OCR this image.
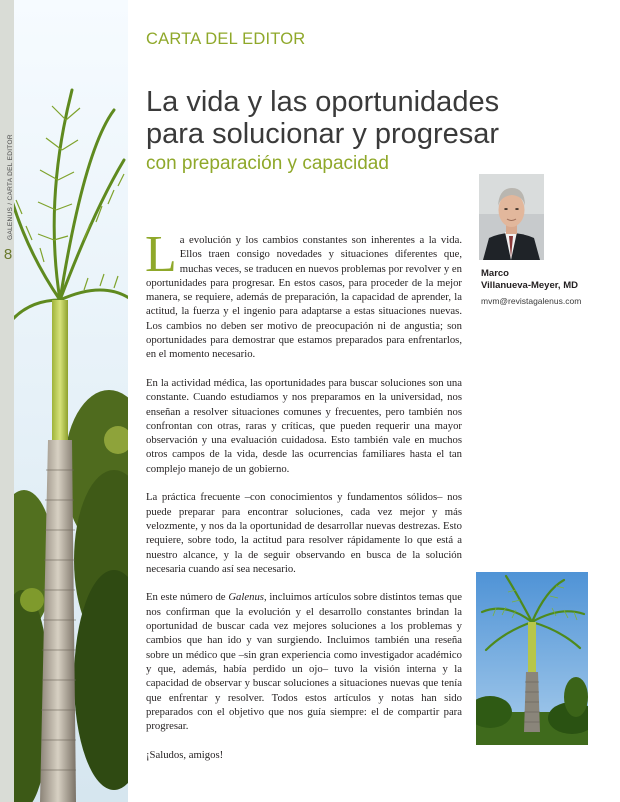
GALENUS / CARTA DEL EDITOR
8
CARTA DEL EDITOR
La vida y las oportunidades
para solucionar y progresar
con preparación y capacidad
Marco
Villanueva-Meyer, MD
mvm@revistagalenus.com

La evolución y los cambios constantes son inherentes a la vida. Ellos traen consigo novedades y situaciones diferentes que, muchas veces, se traducen en nuevos problemas por revolver y en oportunidades para progresar. En estos casos, para proceder de la mejor manera, se requiere, además de preparación, la capacidad de aprender, la actitud, la fuerza y el ingenio para adaptarse a estas situaciones nuevas. Los cambios no deben ser motivo de preocupación ni de angustia; son oportunidades para demostrar que estamos preparados para enfrentarlos, en el momento necesario.

En la actividad médica, las oportunidades para buscar soluciones son una constante. Cuando estudiamos y nos preparamos en la universidad, nos enseñan a resolver situaciones comunes y frecuentes, pero también nos confrontan con otras, raras y críticas, que pueden requerir una mayor observación y una evaluación cuidadosa. Esto también vale en muchos otros campos de la vida, desde las ocurrencias familiares hasta el tan complejo manejo de un gobierno.

La práctica frecuente –con conocimientos y fundamentos sólidos– nos puede preparar para encontrar soluciones, cada vez mejor y más velozmente, y nos da la oportunidad de desarrollar nuevas destrezas. Esto requiere, sobre todo, la actitud para resolver rápidamente lo que está a nuestro alcance, y la de seguir observando en busca de la solución necesaria cuando así sea necesario.

En este número de Galenus, incluimos artículos sobre distintos temas que nos confirman que la evolución y el desarrollo constantes brindan la oportunidad de buscar cada vez mejores soluciones a los problemas y cambios que han ido y van surgiendo. Incluimos también una reseña sobre un médico que –sin gran experiencia como investigador académico y que, además, había perdido un ojo– tuvo la visión interna y la capacidad de observar y buscar soluciones a situaciones nuevas que tenía que enfrentar y resolver. Todos estos artículos y notas han sido preparados con el objetivo que nos guía siempre: el de compartir para progresar.

¡Saludos, amigos!
